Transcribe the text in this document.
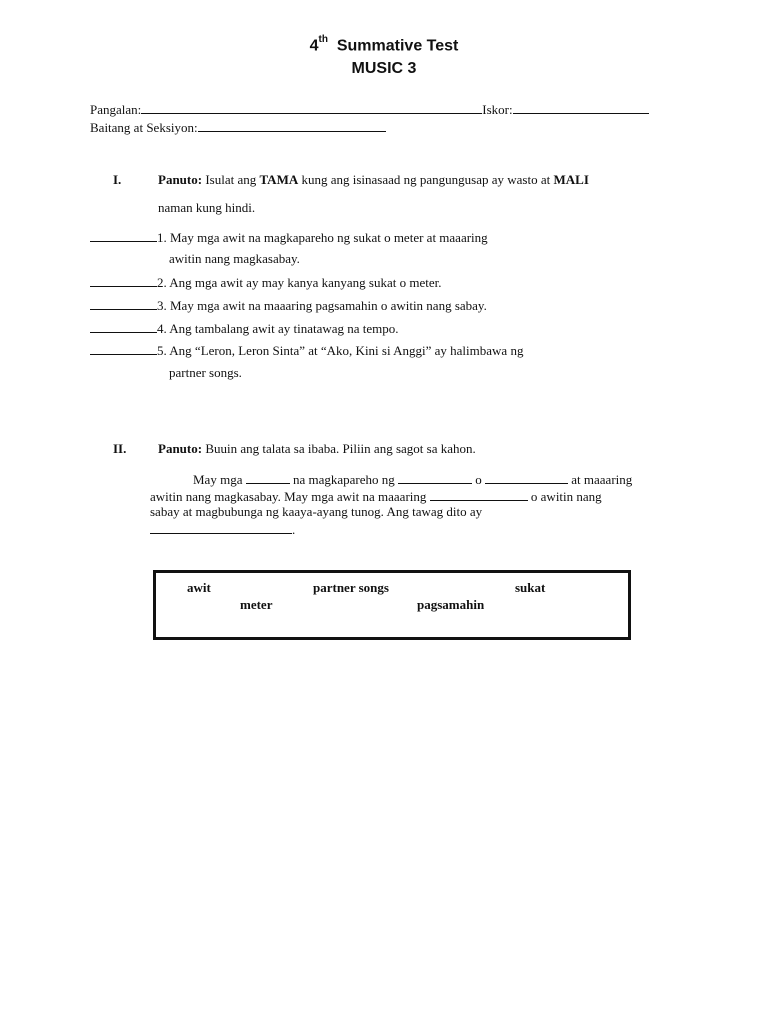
4th Summative Test
MUSIC 3
Pangalan:	Iskor:
Baitang at Seksiyon:
I.	Panuto: Isulat ang TAMA kung ang isinasaad ng pangungusap ay wasto at MALI
naman kung hindi.
1. May mga awit na magkapareho ng sukat o meter at maaaring
awitin nang magkasabay.
2. Ang mga awit ay may kanya kanyang sukat o meter.
3. May mga awit na maaaring pagsamahin o awitin nang sabay.
4. Ang tambalang awit ay tinatawag na tempo.
5. Ang “Leron, Leron Sinta” at “Ako, Kini si Anggi” ay halimbawa ng
partner songs.
II. Panuto: Buuin ang talata sa ibaba. Piliin ang sagot sa kahon.
May mga	na magkapareho ng	o	at maaaring
awitin nang magkasabay. May mga awit na maaaring	o awitin nang
sabay at magbubunga ng kaaya-ayang tunog. Ang tawag dito ay
.
awit	partner songs	sukat
meter	pagsamahin
